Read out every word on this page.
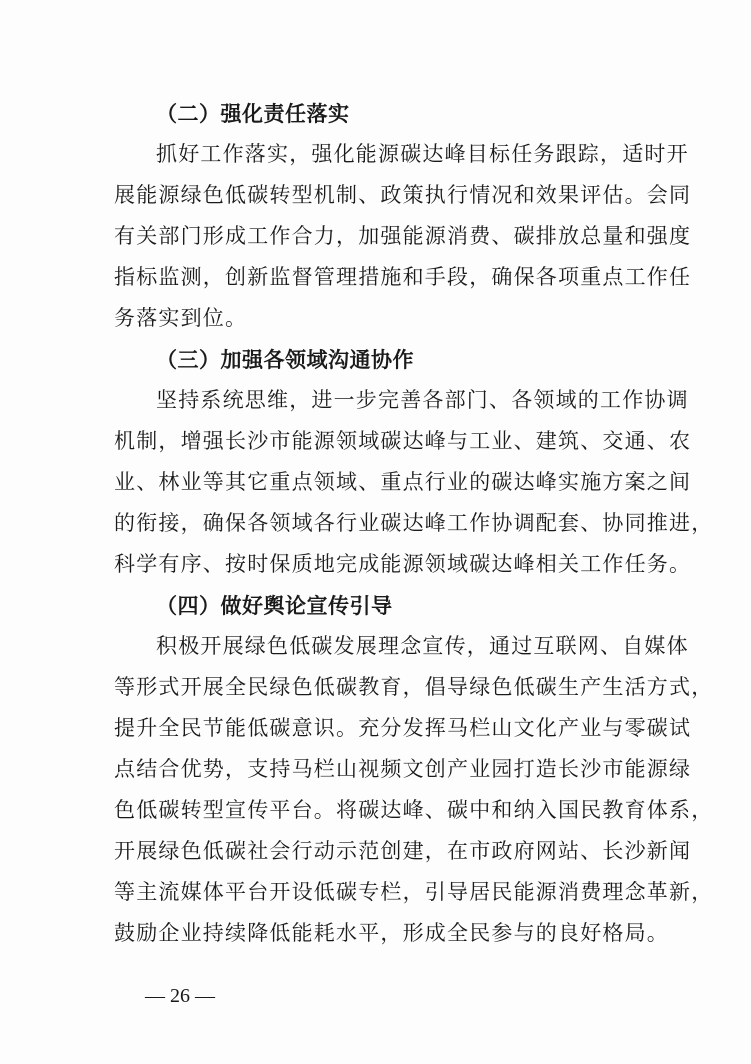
（二）强化责任落实

抓好工作落实，强化能源碳达峰目标任务跟踪，适时开
展能源绿色低碳转型机制、政策执行情况和效果评估。会同
有关部门形成工作合力，加强能源消费、碳排放总量和强度
指标监测，创新监督管理措施和手段，确保各项重点工作任
务落实到位。

（三）加强各领域沟通协作

坚持系统思维，进一步完善各部门、各领域的工作协调
机制，增强长沙市能源领域碳达峰与工业、建筑、交通、农
业、林业等其它重点领域、重点行业的碳达峰实施方案之间
的衔接，确保各领域各行业碳达峰工作协调配套、协同推进，
科学有序、按时保质地完成能源领域碳达峰相关工作任务。

（四）做好舆论宣传引导

积极开展绿色低碳发展理念宣传，通过互联网、自媒体
等形式开展全民绿色低碳教育，倡导绿色低碳生产生活方式，
提升全民节能低碳意识。充分发挥马栏山文化产业与零碳试
点结合优势，支持马栏山视频文创产业园打造长沙市能源绿
色低碳转型宣传平台。将碳达峰、碳中和纳入国民教育体系，
开展绿色低碳社会行动示范创建，在市政府网站、长沙新闻
等主流媒体平台开设低碳专栏，引导居民能源消费理念革新，
鼓励企业持续降低能耗水平，形成全民参与的良好格局。

— 26 —
